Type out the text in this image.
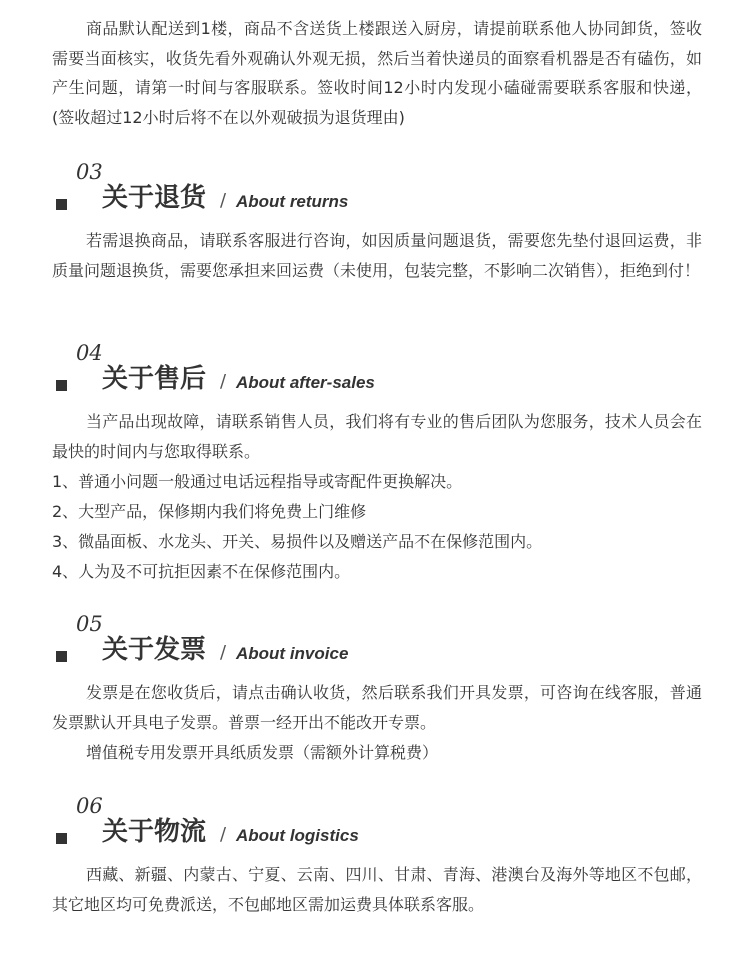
商品默认配送到1楼，商品不含送货上楼跟送入厨房，请提前联系他人协同卸货，签收需要当面核实，收货先看外观确认外观无损，然后当着快递员的面察看机器是否有磕伤，如产生问题，请第一时间与客服联系。签收时间12小时内发现小磕碰需要联系客服和快递，(签收超过12小时后将不在以外观破损为退货理由)

03
关于退货 / About returns

若需退换商品，请联系客服进行咨询，如因质量问题退货，需要您先垫付退回运费，非质量问题退换货，需要您承担来回运费（未使用，包装完整，不影响二次销售），拒绝到付！

04
关于售后 / About after-sales

当产品出现故障，请联系销售人员，我们将有专业的售后团队为您服务，技术人员会在最快的时间内与您取得联系。

1、普通小问题一般通过电话远程指导或寄配件更换解决。

2、大型产品，保修期内我们将免费上门维修

3、微晶面板、水龙头、开关、易损件以及赠送产品不在保修范围内。

4、人为及不可抗拒因素不在保修范围内。

05
关于发票 / About invoice

发票是在您收货后，请点击确认收货，然后联系我们开具发票，可咨询在线客服，普通发票默认开具电子发票。普票一经开出不能改开专票。

增值税专用发票开具纸质发票（需额外计算税费）

06
关于物流 / About logistics

西藏、新疆、内蒙古、宁夏、云南、四川、甘肃、青海、港澳台及海外等地区不包邮，其它地区均可免费派送，不包邮地区需加运费具体联系客服。
